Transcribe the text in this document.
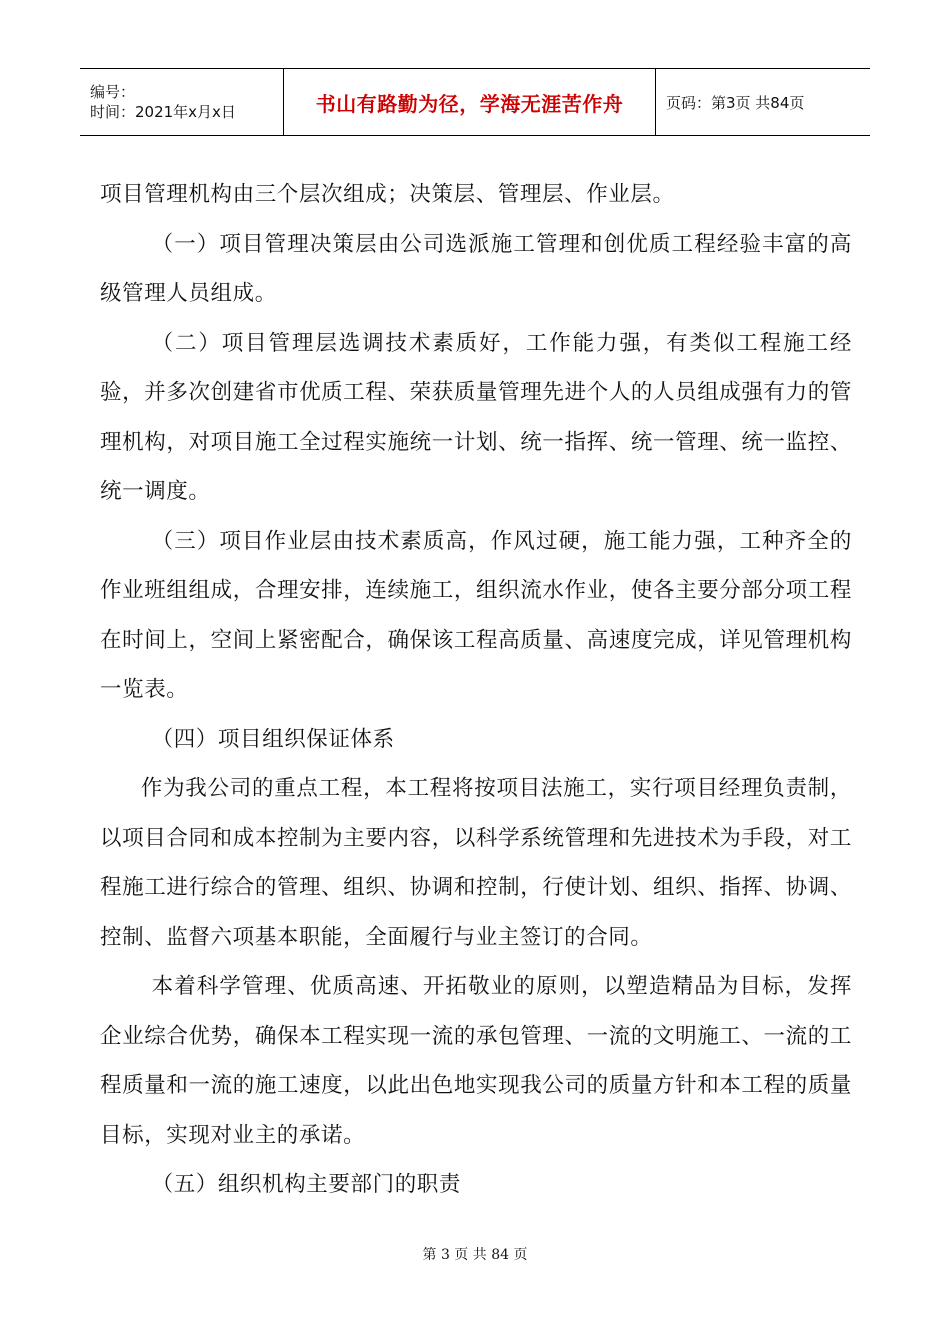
编号：
时间：2021年x月x日	书山有路勤为径，学海无涯苦作舟	页码：第3页 共84页

项目管理机构由三个层次组成；决策层、管理层、作业层。

（一）项目管理决策层由公司选派施工管理和创优质工程经验丰富的高级管理人员组成。

（二）项目管理层选调技术素质好，工作能力强，有类似工程施工经验，并多次创建省市优质工程、荣获质量管理先进个人的人员组成强有力的管理机构，对项目施工全过程实施统一计划、统一指挥、统一管理、统一监控、统一调度。

（三）项目作业层由技术素质高，作风过硬，施工能力强，工种齐全的作业班组组成，合理安排，连续施工，组织流水作业，使各主要分部分项工程在时间上，空间上紧密配合，确保该工程高质量、高速度完成，详见管理机构一览表。

（四）项目组织保证体系

作为我公司的重点工程，本工程将按项目法施工，实行项目经理负责制，以项目合同和成本控制为主要内容，以科学系统管理和先进技术为手段，对工程施工进行综合的管理、组织、协调和控制，行使计划、组织、指挥、协调、控制、监督六项基本职能，全面履行与业主签订的合同。

本着科学管理、优质高速、开拓敬业的原则，以塑造精品为目标，发挥企业综合优势，确保本工程实现一流的承包管理、一流的文明施工、一流的工程质量和一流的施工速度，以此出色地实现我公司的质量方针和本工程的质量目标，实现对业主的承诺。

（五）组织机构主要部门的职责

第 3 页 共 84 页
